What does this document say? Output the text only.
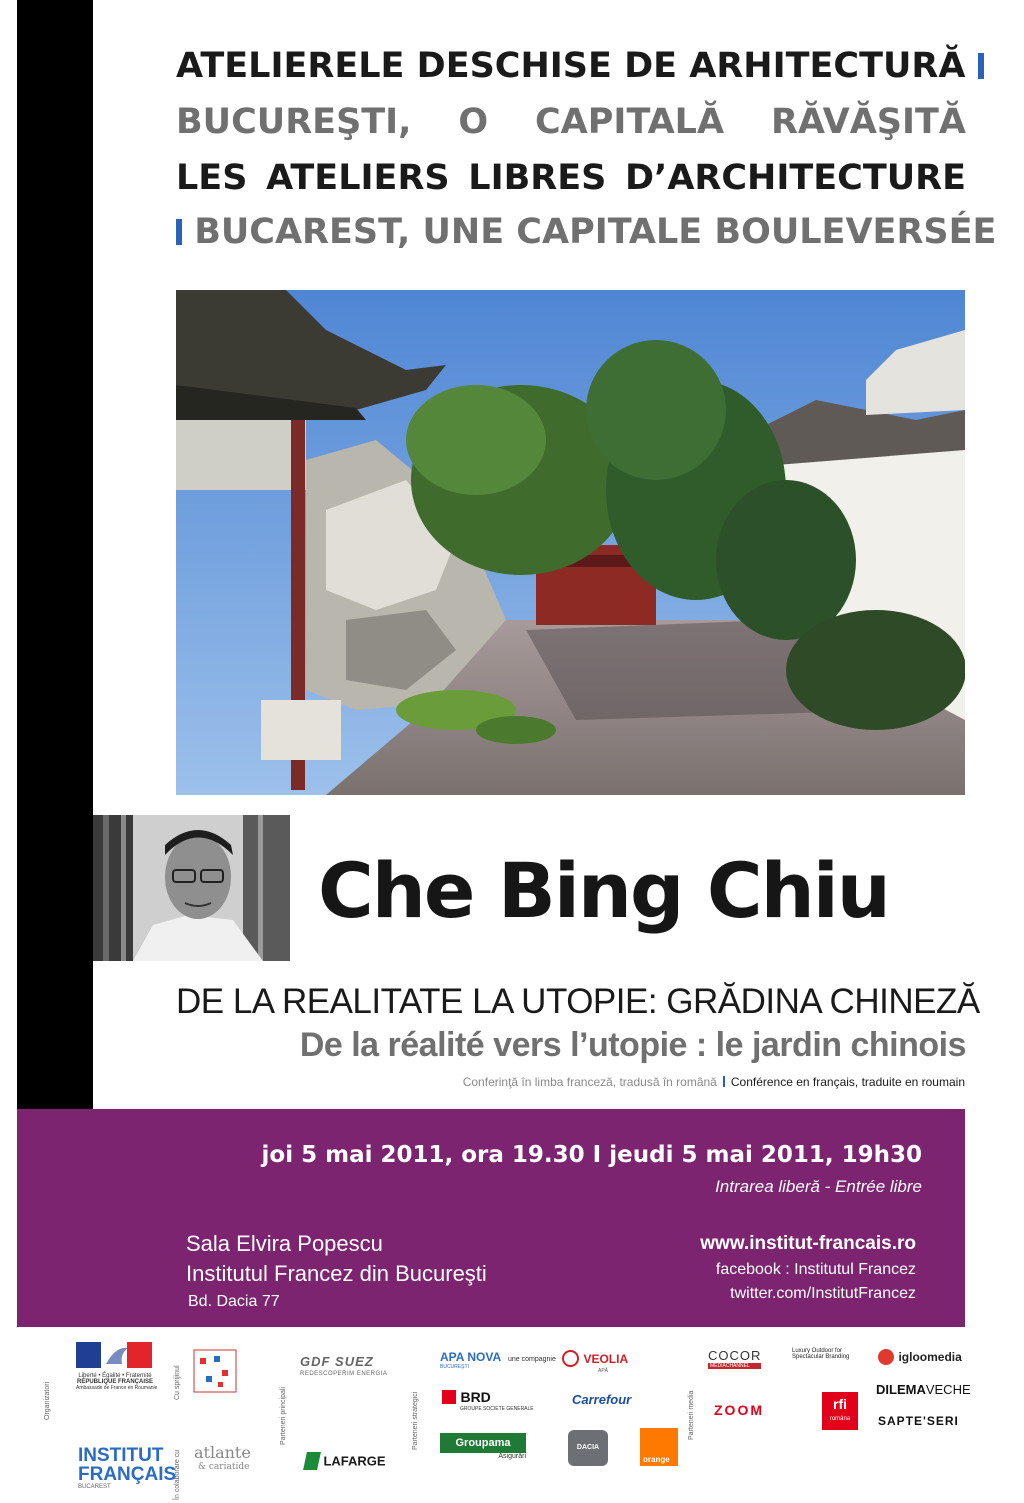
ATELIERELE DESCHISE DE ARHITECTURĂ
BUCUREŞTI, O CAPITALĂ RĂVĂŞITĂ
LES ATELIERS LIBRES D’ARCHITECTURE
BUCAREST, UNE CAPITALE BOULEVERSÉE
Che Bing Chiu
DE LA REALITATE LA UTOPIE: GRĂDINA CHINEZĂ
De la réalité vers l’utopie : le jardin chinois
Conferinţă în limba franceză, tradusă în română Conférence en français, traduite en roumain
joi 5 mai 2011, ora 19.30 I jeudi 5 mai 2011, 19h30
Intrarea liberă - Entrée libre
Sala Elvira Popescu
Institutul Francez din Bucureşti
Bd. Dacia 77
www.institut-francais.ro
facebook : Institutul Francez
twitter.com/InstitutFrancez
Organizatori	Cu sprijinul
În colaborare cu
Parteneri principali	Parteneri strategici	Parteneri media
Liberté • Égalité • Fraternité
RÉPUBLIQUE FRANÇAISE
Ambassade de France en Roumanie
INSTITUT
FRANÇAIS
BUCAREST
atlante
& cariatide
GDF SUEZ
REDESCOPERIM ENERGIA
LAFARGE
APA NOVA
BUCUREŞTI
une compagnie	VEOLIA
APĂ
BRD
GROUPE SOCIETE GENERALE
Carrefour
Groupama
Asigurări
DACIA
orange
COCOR
MEDIACHANNEL
Luxury Outdoor for
Spectacular Branding	igloomedia
DILEMAVECHE
ZOOM	rfi
româna	SAPTE'SERI
